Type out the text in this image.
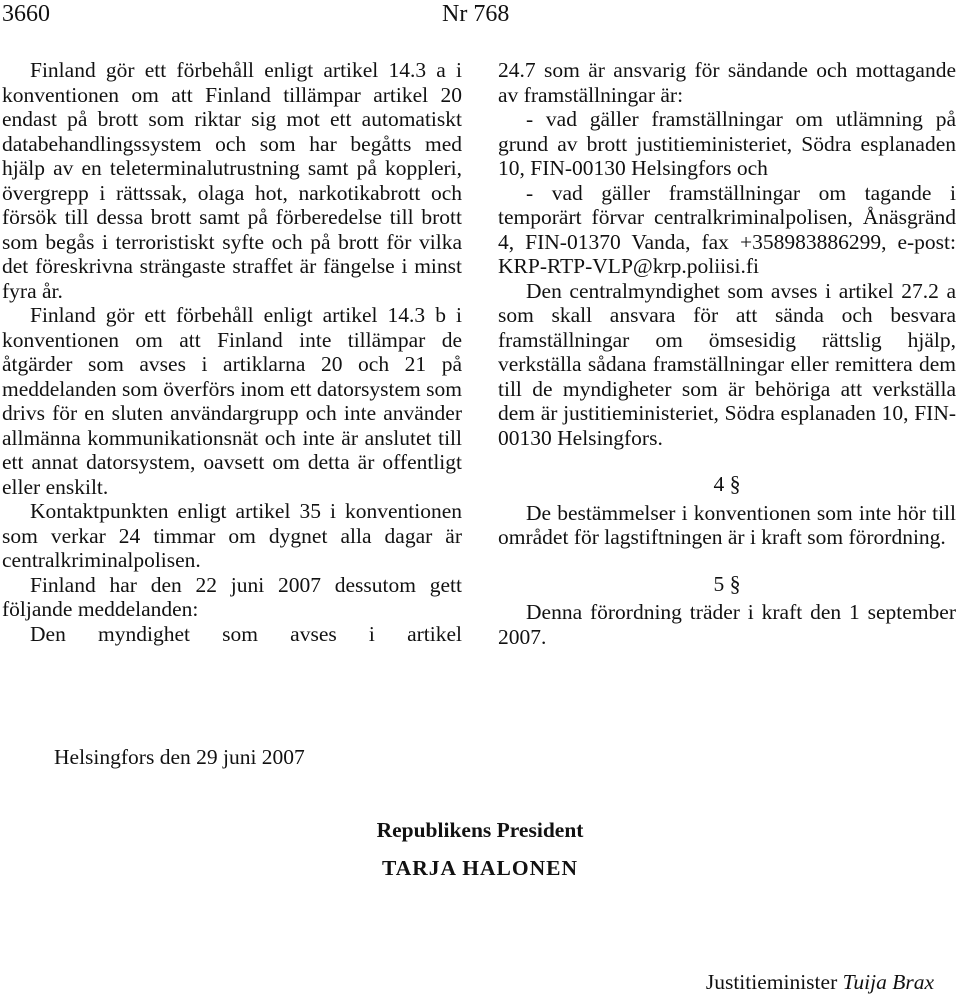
3660	Nr 768

Finland gör ett förbehåll enligt artikel 14.3 a i konventionen om att Finland tillämpar artikel 20 endast på brott som riktar sig mot ett automatiskt databehandlingssystem och som har begåtts med hjälp av en teleterminalutrustning samt på koppleri, övergrepp i rättssak, olaga hot, narkotikabrott och försök till dessa brott samt på förberedelse till brott som begås i terroristiskt syfte och på brott för vilka det föreskrivna strängaste straffet är fängelse i minst fyra år.

Finland gör ett förbehåll enligt artikel 14.3 b i konventionen om att Finland inte tillämpar de åtgärder som avses i artiklarna 20 och 21 på meddelanden som överförs inom ett datorsystem som drivs för en sluten användargrupp och inte använder allmänna kommunikationsnät och inte är anslutet till ett annat datorsystem, oavsett om detta är offentligt eller enskilt.

Kontaktpunkten enligt artikel 35 i konventionen som verkar 24 timmar om dygnet alla dagar är centralkriminalpolisen.

Finland har den 22 juni 2007 dessutom gett följande meddelanden:

Den myndighet som avses i artikel

24.7 som är ansvarig för sändande och mottagande av framställningar är:

- vad gäller framställningar om utlämning på grund av brott justitieministeriet, Södra esplanaden 10, FIN-00130 Helsingfors och

- vad gäller framställningar om tagande i temporärt förvar centralkriminalpolisen, Ånäsgränd 4, FIN-01370 Vanda, fax +358983886299, e-post: KRP-RTP-VLP@krp.poliisi.fi

Den centralmyndighet som avses i artikel 27.2 a som skall ansvara för att sända och besvara framställningar om ömsesidig rättslig hjälp, verkställa sådana framställningar eller remittera dem till de myndigheter som är behöriga att verkställa dem är justitieministeriet, Södra esplanaden 10, FIN-00130 Helsingfors.

4 §

De bestämmelser i konventionen som inte hör till området för lagstiftningen är i kraft som förordning.

5 §

Denna förordning träder i kraft den 1 september 2007.

Helsingfors den 29 juni 2007
Republikens President
TARJA HALONEN
Justitieminister Tuija Brax
